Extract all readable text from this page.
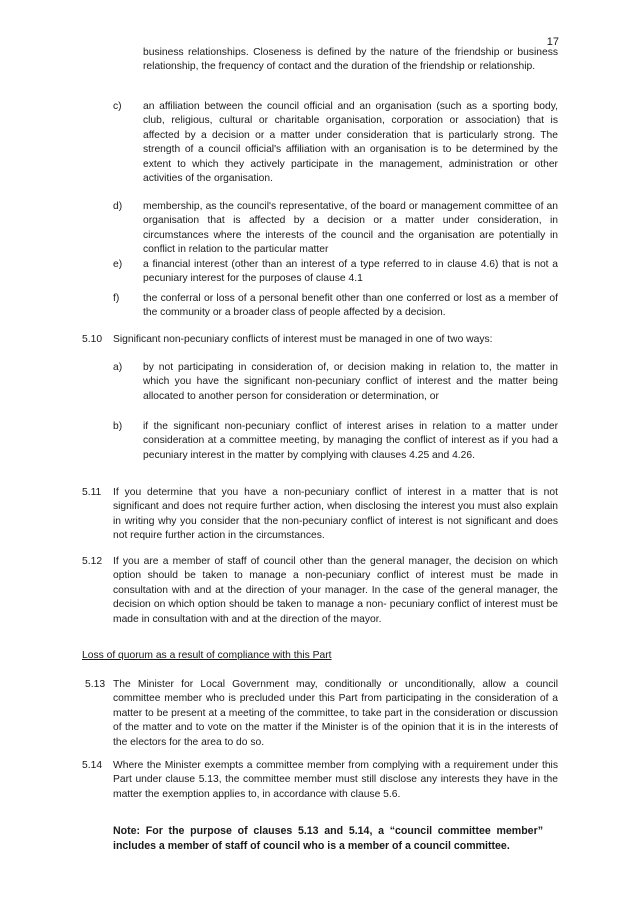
17
business relationships. Closeness is defined by the nature of the friendship or business relationship, the frequency of contact and the duration of the friendship or relationship.
c) an affiliation between the council official and an organisation (such as a sporting body, club, religious, cultural or charitable organisation, corporation or association) that is affected by a decision or a matter under consideration that is particularly strong. The strength of a council official's affiliation with an organisation is to be determined by the extent to which they actively participate in the management, administration or other activities of the organisation.
d) membership, as the council's representative, of the board or management committee of an organisation that is affected by a decision or a matter under consideration, in circumstances where the interests of the council and the organisation are potentially in conflict in relation to the particular matter
e) a financial interest (other than an interest of a type referred to in clause 4.6) that is not a pecuniary interest for the purposes of clause 4.1
f) the conferral or loss of a personal benefit other than one conferred or lost as a member of the community or a broader class of people affected by a decision.
5.10 Significant non-pecuniary conflicts of interest must be managed in one of two ways:
a) by not participating in consideration of, or decision making in relation to, the matter in which you have the significant non-pecuniary conflict of interest and the matter being allocated to another person for consideration or determination, or
b) if the significant non-pecuniary conflict of interest arises in relation to a matter under consideration at a committee meeting, by managing the conflict of interest as if you had a pecuniary interest in the matter by complying with clauses 4.25 and 4.26.
5.11 If you determine that you have a non-pecuniary conflict of interest in a matter that is not significant and does not require further action, when disclosing the interest you must also explain in writing why you consider that the non-pecuniary conflict of interest is not significant and does not require further action in the circumstances.
5.12 If you are a member of staff of council other than the general manager, the decision on which option should be taken to manage a non-pecuniary conflict of interest must be made in consultation with and at the direction of your manager. In the case of the general manager, the decision on which option should be taken to manage a non- pecuniary conflict of interest must be made in consultation with and at the direction of the mayor.
Loss of quorum as a result of compliance with this Part
5.13 The Minister for Local Government may, conditionally or unconditionally, allow a council committee member who is precluded under this Part from participating in the consideration of a matter to be present at a meeting of the committee, to take part in the consideration or discussion of the matter and to vote on the matter if the Minister is of the opinion that it is in the interests of the electors for the area to do so.
5.14 Where the Minister exempts a committee member from complying with a requirement under this Part under clause 5.13, the committee member must still disclose any interests they have in the matter the exemption applies to, in accordance with clause 5.6.
Note: For the purpose of clauses 5.13 and 5.14, a “council committee member” includes a member of staff of council who is a member of a council committee.
